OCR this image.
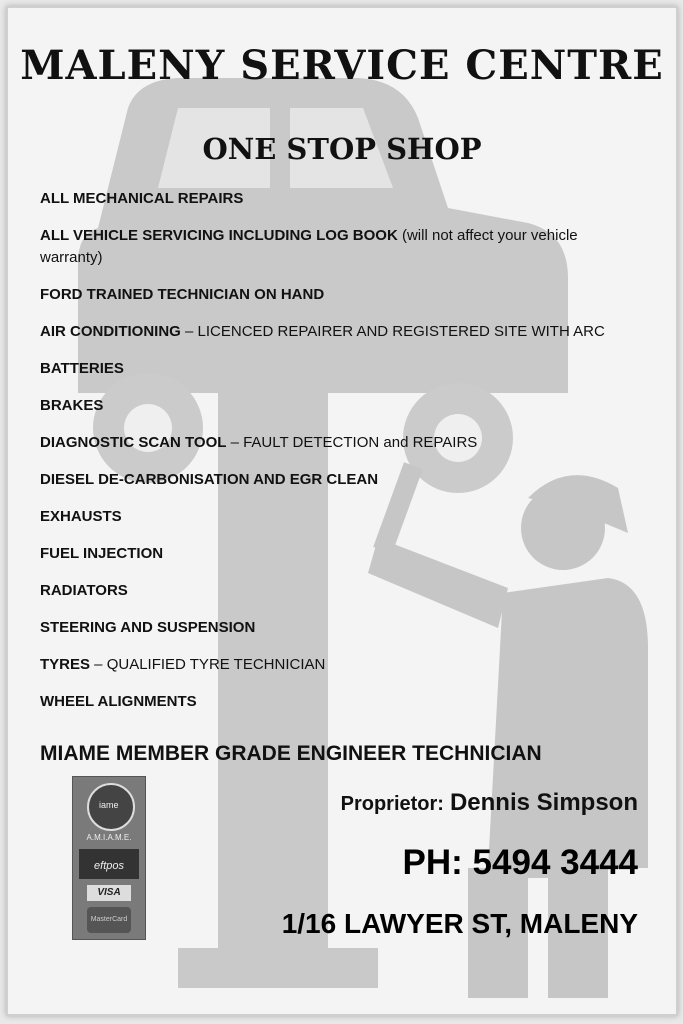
MALENY SERVICE CENTRE
ONE STOP SHOP
ALL MECHANICAL REPAIRS
ALL VEHICLE SERVICING INCLUDING LOG BOOK (will not affect your vehicle warranty)
FORD TRAINED TECHNICIAN ON HAND
AIR CONDITIONING – LICENCED REPAIRER AND REGISTERED SITE WITH ARC
BATTERIES
BRAKES
DIAGNOSTIC SCAN TOOL – FAULT DETECTION and REPAIRS
DIESEL DE-CARBONISATION AND EGR CLEAN
EXHAUSTS
FUEL INJECTION
RADIATORS
STEERING AND SUSPENSION
TYRES – QUALIFIED TYRE TECHNICIAN
WHEEL ALIGNMENTS

MIAME MEMBER GRADE ENGINEER TECHNICIAN

iame
A.M.I.A.M.E.
eftpos
VISA
MasterCard
Proprietor: Dennis Simpson

PH: 5494 3444

1/16 LAWYER ST, MALENY
